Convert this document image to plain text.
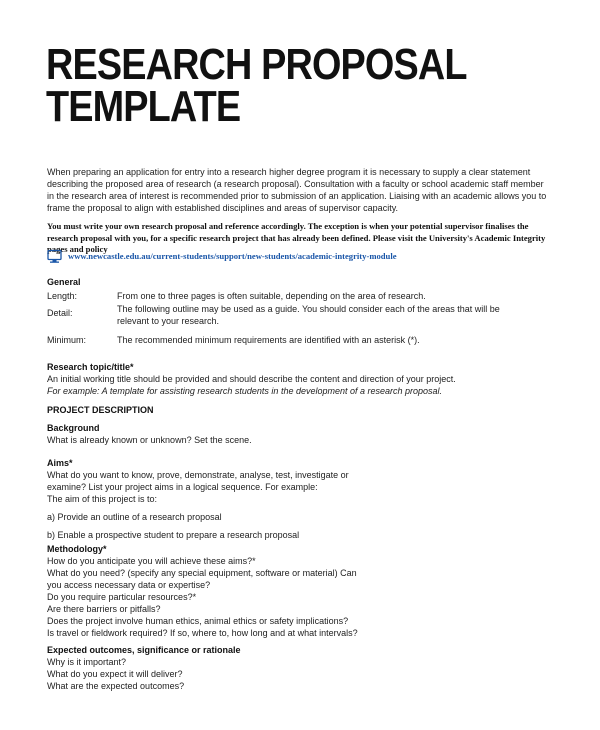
RESEARCH PROPOSAL
TEMPLATE

When preparing an application for entry into a research higher degree program it is necessary to supply a clear statement describing the proposed area of research (a research proposal). Consultation with a faculty or school academic staff member in the research area of interest is recommended prior to submission of an application. Liaising with an academic allows you to frame the proposal to align with established disciplines and areas of supervisor capacity.

You must write your own research proposal and reference accordingly. The exception is when your potential supervisor finalises the research proposal with you, for a specific research project that has already been defined. Please visit the University's Academic Integrity pages and policy
www.newcastle.edu.au/current-students/support/new-students/academic-integrity-module
General
Length:	From one to three pages is often suitable, depending on the area of research.
Detail:	The following outline may be used as a guide. You should consider each of the areas that will be relevant to your research.
Minimum:	The recommended minimum requirements are identified with an asterisk (*).

Research topic/title*

An initial working title should be provided and should describe the content and direction of your project.

For example: A template for assisting research students in the development of a research proposal.

PROJECT DESCRIPTION

Background

What is already known or unknown? Set the scene.

Aims*

What do you want to know, prove, demonstrate, analyse, test, investigate or

examine? List your project aims in a logical sequence. For example:

The aim of this project is to:

a) Provide an outline of a research proposal

b) Enable a prospective student to prepare a research proposal

Methodology*

How do you anticipate you will achieve these aims?*

What do you need? (specify any special equipment, software or material) Can

you access necessary data or expertise?

Do you require particular resources?*

Are there barriers or pitfalls?

Does the project involve human ethics, animal ethics or safety implications?

Is travel or fieldwork required? If so, where to, how long and at what intervals?

Expected outcomes, significance or rationale

Why is it important?

What do you expect it will deliver?

What are the expected outcomes?
